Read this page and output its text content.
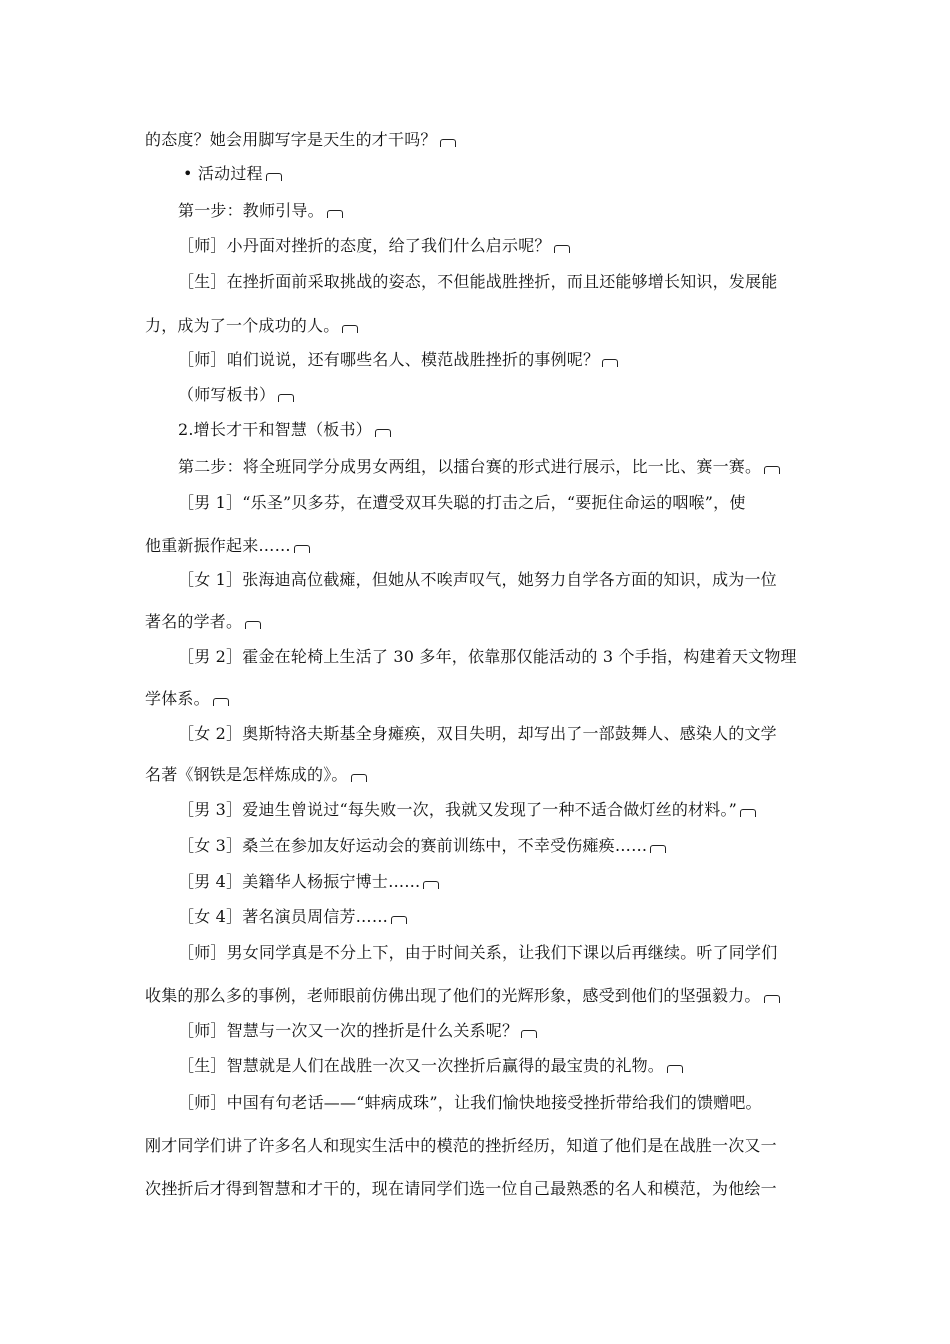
的态度？她会用脚写字是天生的才干吗？
• 活动过程
第一步：教师引导。
［师］小丹面对挫折的态度，给了我们什么启示呢？
［生］在挫折面前采取挑战的姿态，不但能战胜挫折，而且还能够增长知识，发展能
力，成为了一个成功的人。
［师］咱们说说，还有哪些名人、模范战胜挫折的事例呢？
（师写板书）
2.增长才干和智慧（板书）
第二步：将全班同学分成男女两组，以擂台赛的形式进行展示，比一比、赛一赛。
［男 1］“乐圣”贝多芬，在遭受双耳失聪的打击之后，“要扼住命运的咽喉”，使
他重新振作起来……
［女 1］张海迪高位截瘫，但她从不唉声叹气，她努力自学各方面的知识，成为一位
著名的学者。
［男 2］霍金在轮椅上生活了 30 多年，依靠那仅能活动的 3 个手指，构建着天文物理
学体系。
［女 2］奥斯特洛夫斯基全身瘫痪，双目失明，却写出了一部鼓舞人、感染人的文学
名著《钢铁是怎样炼成的》。
［男 3］爱迪生曾说过“每失败一次，我就又发现了一种不适合做灯丝的材料。”
［女 3］桑兰在参加友好运动会的赛前训练中，不幸受伤瘫痪……
［男 4］美籍华人杨振宁博士……
［女 4］著名演员周信芳……
［师］男女同学真是不分上下，由于时间关系，让我们下课以后再继续。听了同学们
收集的那么多的事例，老师眼前仿佛出现了他们的光辉形象，感受到他们的坚强毅力。
［师］智慧与一次又一次的挫折是什么关系呢？
［生］智慧就是人们在战胜一次又一次挫折后赢得的最宝贵的礼物。
［师］中国有句老话——“蚌病成珠”，让我们愉快地接受挫折带给我们的馈赠吧。
刚才同学们讲了许多名人和现实生活中的模范的挫折经历，知道了他们是在战胜一次又一
次挫折后才得到智慧和才干的，现在请同学们选一位自己最熟悉的名人和模范，为他绘一
